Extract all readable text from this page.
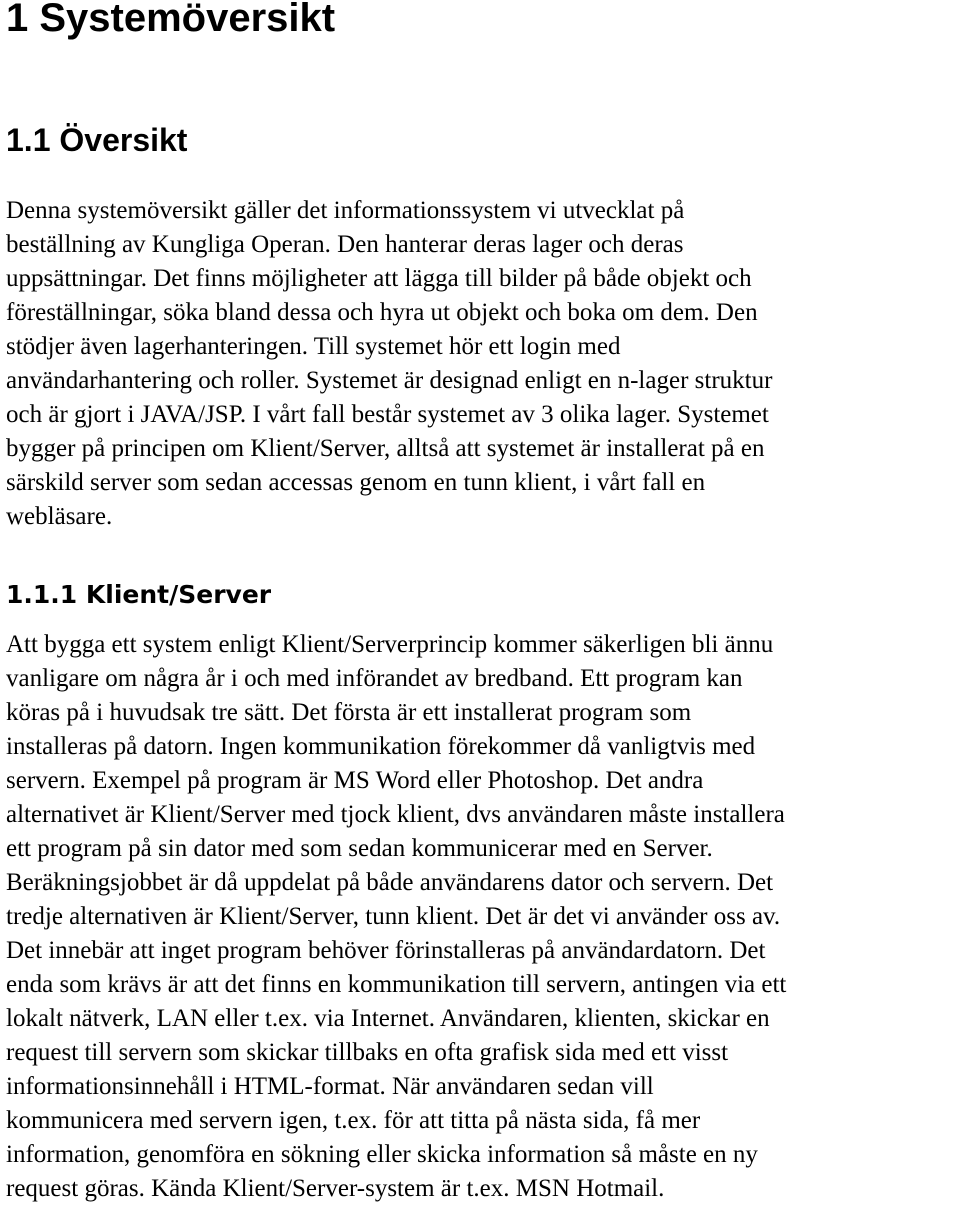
1 Systemöversikt
1.1 Översikt
Denna systemöversikt gäller det informationssystem vi utvecklat på
beställning av Kungliga Operan. Den hanterar deras lager och deras
uppsättningar. Det finns möjligheter att lägga till bilder på både objekt och
föreställningar, söka bland dessa och hyra ut objekt och boka om dem. Den
stödjer även lagerhanteringen. Till systemet hör ett login med
användarhantering och roller. Systemet är designad enligt en n-lager struktur
och är gjort i JAVA/JSP. I vårt fall består systemet av 3 olika lager. Systemet
bygger på principen om Klient/Server, alltså att systemet är installerat på en
särskild server som sedan accessas genom en tunn klient, i vårt fall en
webläsare.
1.1.1 Klient/Server
Att bygga ett system enligt Klient/Serverprincip kommer säkerligen bli ännu
vanligare om några år i och med införandet av bredband. Ett program kan
köras på i huvudsak tre sätt. Det första är ett installerat program som
installeras på datorn. Ingen kommunikation förekommer då vanligtvis med
servern. Exempel på program är MS Word eller Photoshop. Det andra
alternativet är Klient/Server med tjock klient, dvs användaren måste installera
ett program på sin dator med som sedan kommunicerar med en Server.
Beräkningsjobbet är då uppdelat på både användarens dator och servern. Det
tredje alternativen är Klient/Server, tunn klient. Det är det vi använder oss av.
Det innebär att inget program behöver förinstalleras på användardatorn. Det
enda som krävs är att det finns en kommunikation till servern, antingen via ett
lokalt nätverk, LAN eller t.ex. via Internet. Användaren, klienten, skickar en
request till servern som skickar tillbaks en ofta grafisk sida med ett visst
informationsinnehåll i HTML-format. När användaren sedan vill
kommunicera med servern igen, t.ex. för att titta på nästa sida, få mer
information, genomföra en sökning eller skicka information så måste en ny
request göras. Kända Klient/Server-system är t.ex. MSN Hotmail.
